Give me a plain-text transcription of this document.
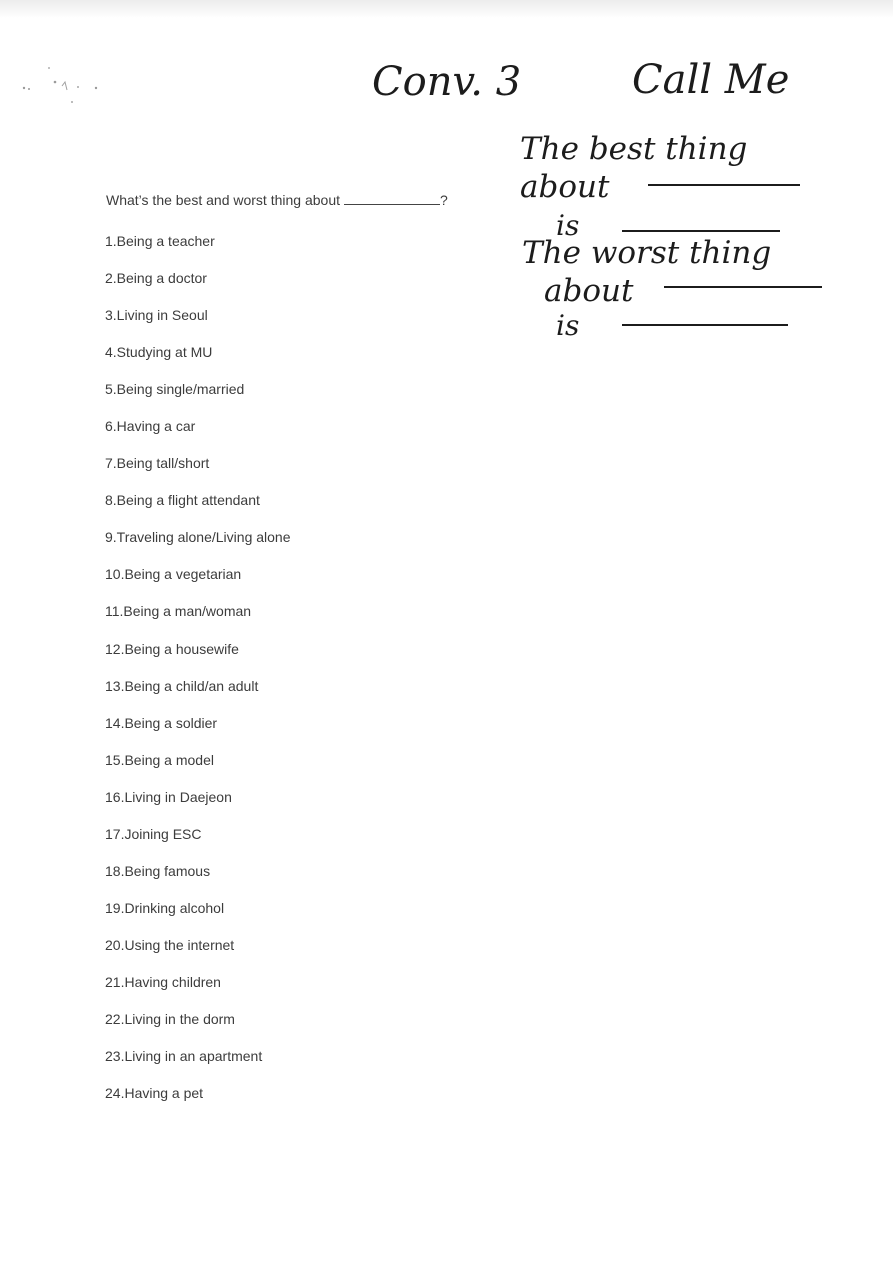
Conv. 3	Call Me
The best thing
about
is
The worst thing
about
is
What’s the best and worst thing about	?
1.Being a teacher
2.Being a doctor
3.Living in Seoul
4.Studying at MU
5.Being single/married
6.Having a car
7.Being tall/short
8.Being a flight attendant
9.Traveling alone/Living alone
10.Being a vegetarian
11.Being a man/woman
12.Being a housewife
13.Being a child/an adult
14.Being a soldier
15.Being a model
16.Living in Daejeon
17.Joining ESC
18.Being famous
19.Drinking alcohol
20.Using the internet
21.Having children
22.Living in the dorm
23.Living in an apartment
24.Having a pet
